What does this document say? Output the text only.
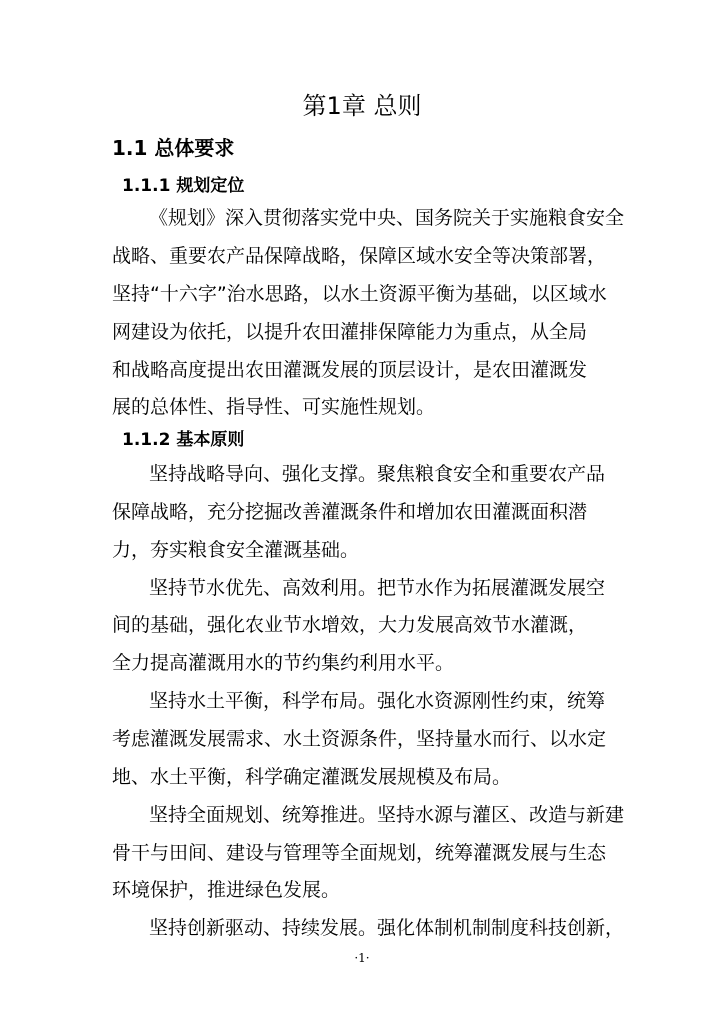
第1章 总则
1.1 总体要求
1.1.1 规划定位
《规划》深入贯彻落实党中央、国务院关于实施粮食安全
战略、重要农产品保障战略，保障区域水安全等决策部署，
坚持“十六字”治水思路，以水土资源平衡为基础，以区域水
网建设为依托，以提升农田灌排保障能力为重点，从全局
和战略高度提出农田灌溉发展的顶层设计，是农田灌溉发
展的总体性、指导性、可实施性规划。
1.1.2 基本原则
坚持战略导向、强化支撑。聚焦粮食安全和重要农产品
保障战略，充分挖掘改善灌溉条件和增加农田灌溉面积潜
力，夯实粮食安全灌溉基础。
坚持节水优先、高效利用。把节水作为拓展灌溉发展空
间的基础，强化农业节水增效，大力发展高效节水灌溉，
全力提高灌溉用水的节约集约利用水平。
坚持水土平衡，科学布局。强化水资源刚性约束，统筹
考虑灌溉发展需求、水土资源条件，坚持量水而行、以水定
地、水土平衡，科学确定灌溉发展规模及布局。
坚持全面规划、统筹推进。坚持水源与灌区、改造与新建
骨干与田间、建设与管理等全面规划，统筹灌溉发展与生态
环境保护，推进绿色发展。
坚持创新驱动、持续发展。强化体制机制制度科技创新，
·1·
